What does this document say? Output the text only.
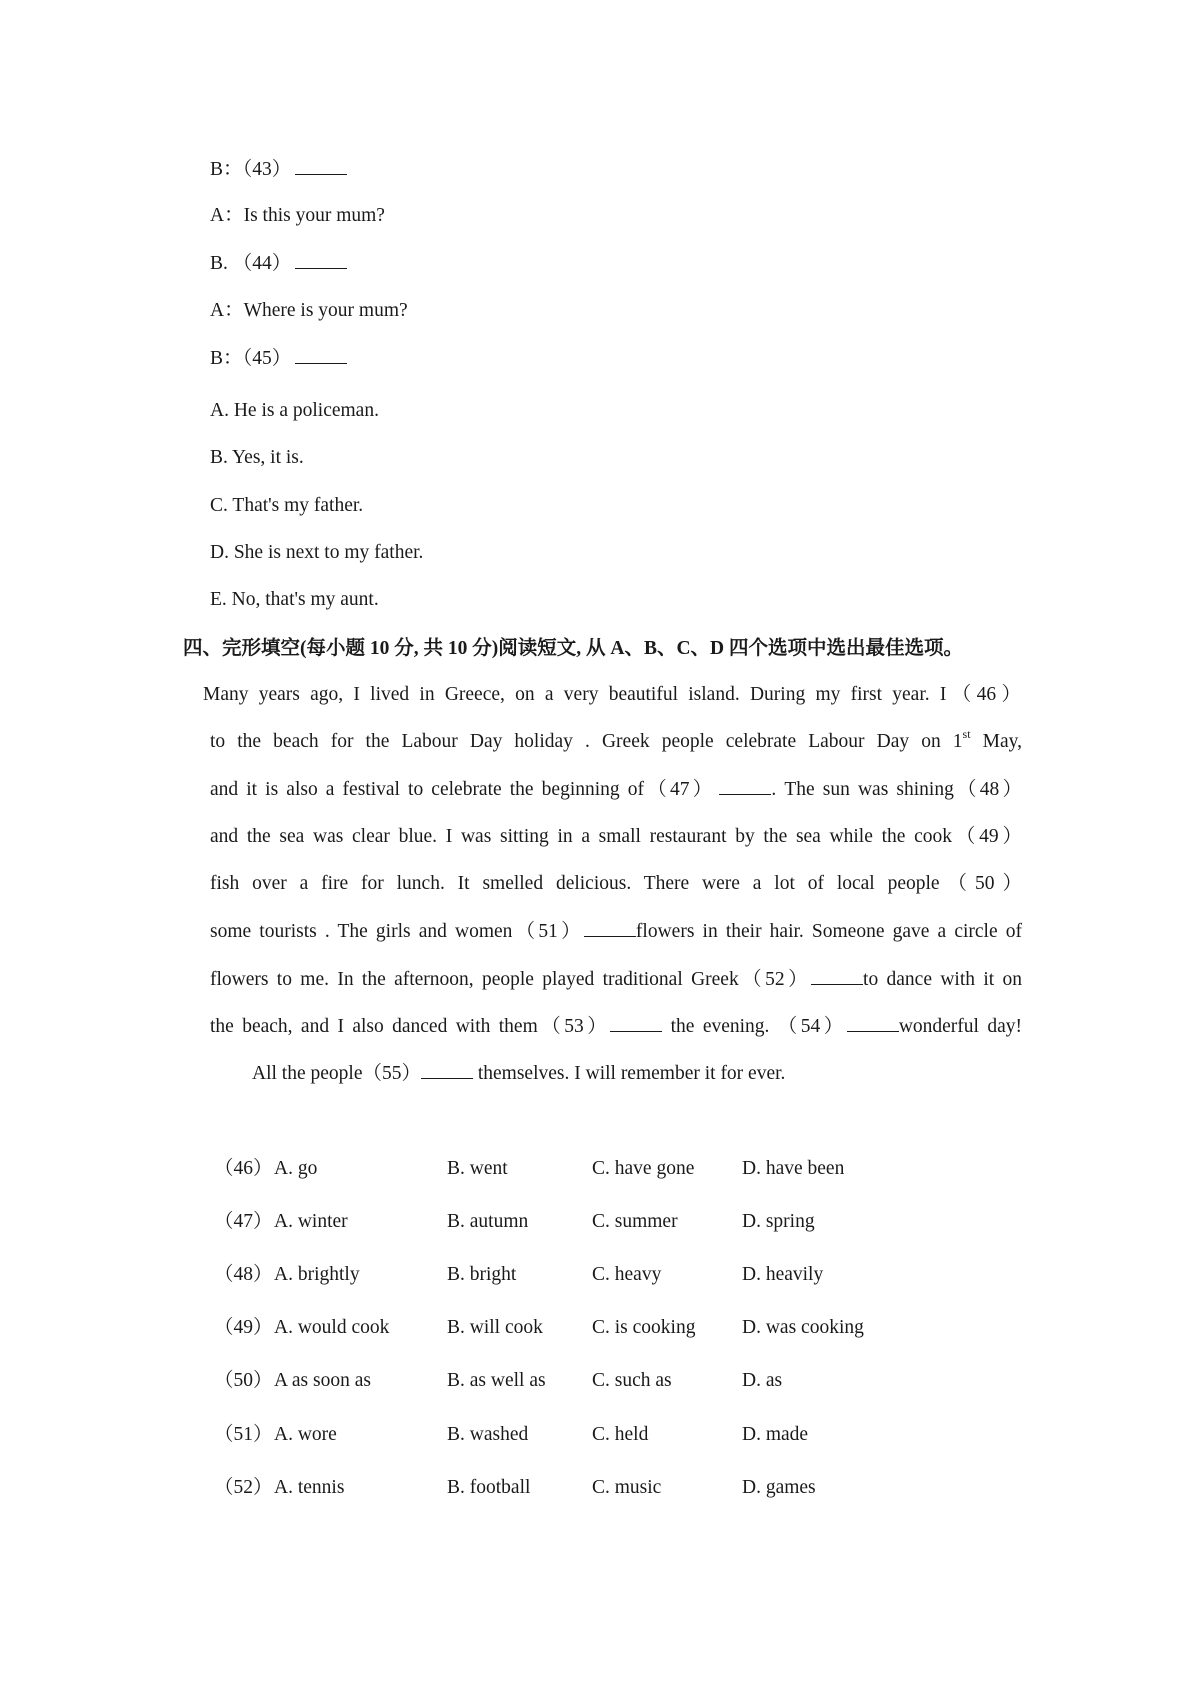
B：（43）
A：Is this your mum?
B. （44）
A：Where is your mum?
B：（45）
A. He is a policeman.
B. Yes, it is.
C. That's my father.
D. She is next to my father.
E. No, that's my aunt.
四、完形填空(每小题 10 分, 共 10 分)阅读短文, 从 A、B、C、D 四个选项中选出最佳选项。
Many years ago, I lived in Greece, on a very beautiful island. During my first year. I（46）
to the beach for the Labour Day holiday . Greek people celebrate Labour Day on 1st May,
and it is also a festival to celebrate the beginning of（47）	. The sun was shining（48）
and the sea was clear blue. I was sitting in a small restaurant by the sea while the cook（49）
fish over a fire for lunch. It smelled delicious. There were a lot of local people（50）
some tourists . The girls and women（51）	flowers in their hair. Someone gave a circle of
flowers to me. In the afternoon, people played traditional Greek（52）	to dance with it on
the beach, and I also danced with them（53）	the evening. （54）	wonderful day!
All the people（55）	themselves. I will remember it for ever.
（46） A. go	B. went	C. have gone D. have been
（47） A. winter	B. autumn	C. summer	D. spring
（48） A. brightly	B. bright	C. heavy	D. heavily
（49） A. would cook	B. will cook	C. is cooking D. was cooking
（50） A as soon as	B. as well as C. such as	D. as
（51） A. wore	B. washed	C. held	D. made
（52） A. tennis	B. football	C. music	D. games
